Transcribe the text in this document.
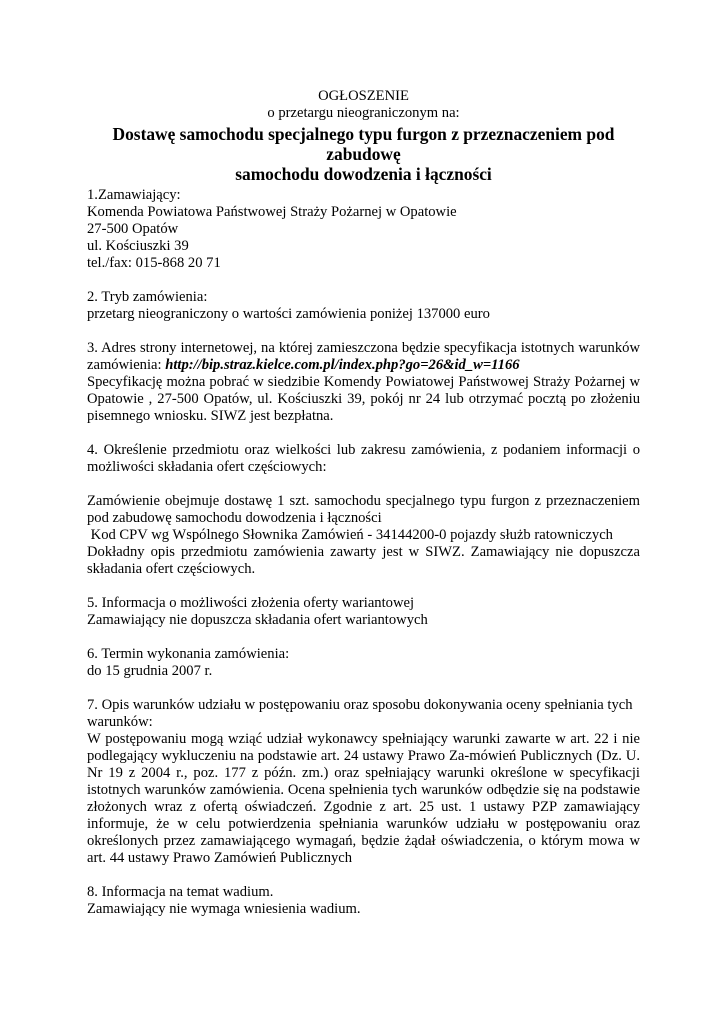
OGŁOSZENIE

o przetargu nieograniczonym na:

Dostawę samochodu specjalnego typu furgon z przeznaczeniem pod zabudowę

samochodu dowodzenia i łączności

1.Zamawiający:

Komenda Powiatowa Państwowej Straży Pożarnej w Opatowie

27-500 Opatów

ul. Kościuszki 39

tel./fax: 015-868 20 71

2. Tryb zamówienia:

przetarg nieograniczony o wartości zamówienia poniżej 137000 euro

3. Adres strony internetowej, na której zamieszczona będzie specyfikacja istotnych warunków zamówienia: http://bip.straz.kielce.com.pl/index.php?go=26&id_w=1166

Specyfikację można pobrać w siedzibie Komendy Powiatowej Państwowej Straży Pożarnej w Opatowie , 27-500 Opatów, ul. Kościuszki 39, pokój nr 24 lub otrzymać pocztą po złożeniu pisemnego wniosku. SIWZ jest bezpłatna.

4. Określenie przedmiotu oraz wielkości lub zakresu zamówienia, z podaniem informacji o możliwości składania ofert częściowych:

Zamówienie obejmuje dostawę 1 szt. samochodu specjalnego typu furgon z przeznaczeniem pod zabudowę samochodu dowodzenia i łączności

Kod CPV wg Wspólnego Słownika Zamówień - 34144200-0 pojazdy służb ratowniczych

Dokładny opis przedmiotu zamówienia zawarty jest w SIWZ. Zamawiający nie dopuszcza składania ofert częściowych.

5. Informacja o możliwości złożenia oferty wariantowej

Zamawiający nie dopuszcza składania ofert wariantowych

6. Termin wykonania zamówienia:

do 15 grudnia 2007 r.

7. Opis warunków udziału w postępowaniu oraz sposobu dokonywania oceny spełniania tych warunków:

W postępowaniu mogą wziąć udział wykonawcy spełniający warunki zawarte w art. 22 i nie podlegający wykluczeniu na podstawie art. 24 ustawy Prawo Za-mówień Publicznych (Dz. U. Nr 19 z 2004 r., poz. 177 z późn. zm.) oraz spełniający warunki określone w specyfikacji istotnych warunków zamówienia. Ocena spełnienia tych warunków odbędzie się na podstawie złożonych wraz z ofertą oświadczeń. Zgodnie z art. 25 ust. 1 ustawy PZP zamawiający informuje, że w celu potwierdzenia spełniania warunków udziału w postępowaniu oraz określonych przez zamawiającego wymagań, będzie żądał oświadczenia, o którym mowa w art. 44 ustawy Prawo Zamówień Publicznych

8. Informacja na temat wadium.

Zamawiający nie wymaga wniesienia wadium.
